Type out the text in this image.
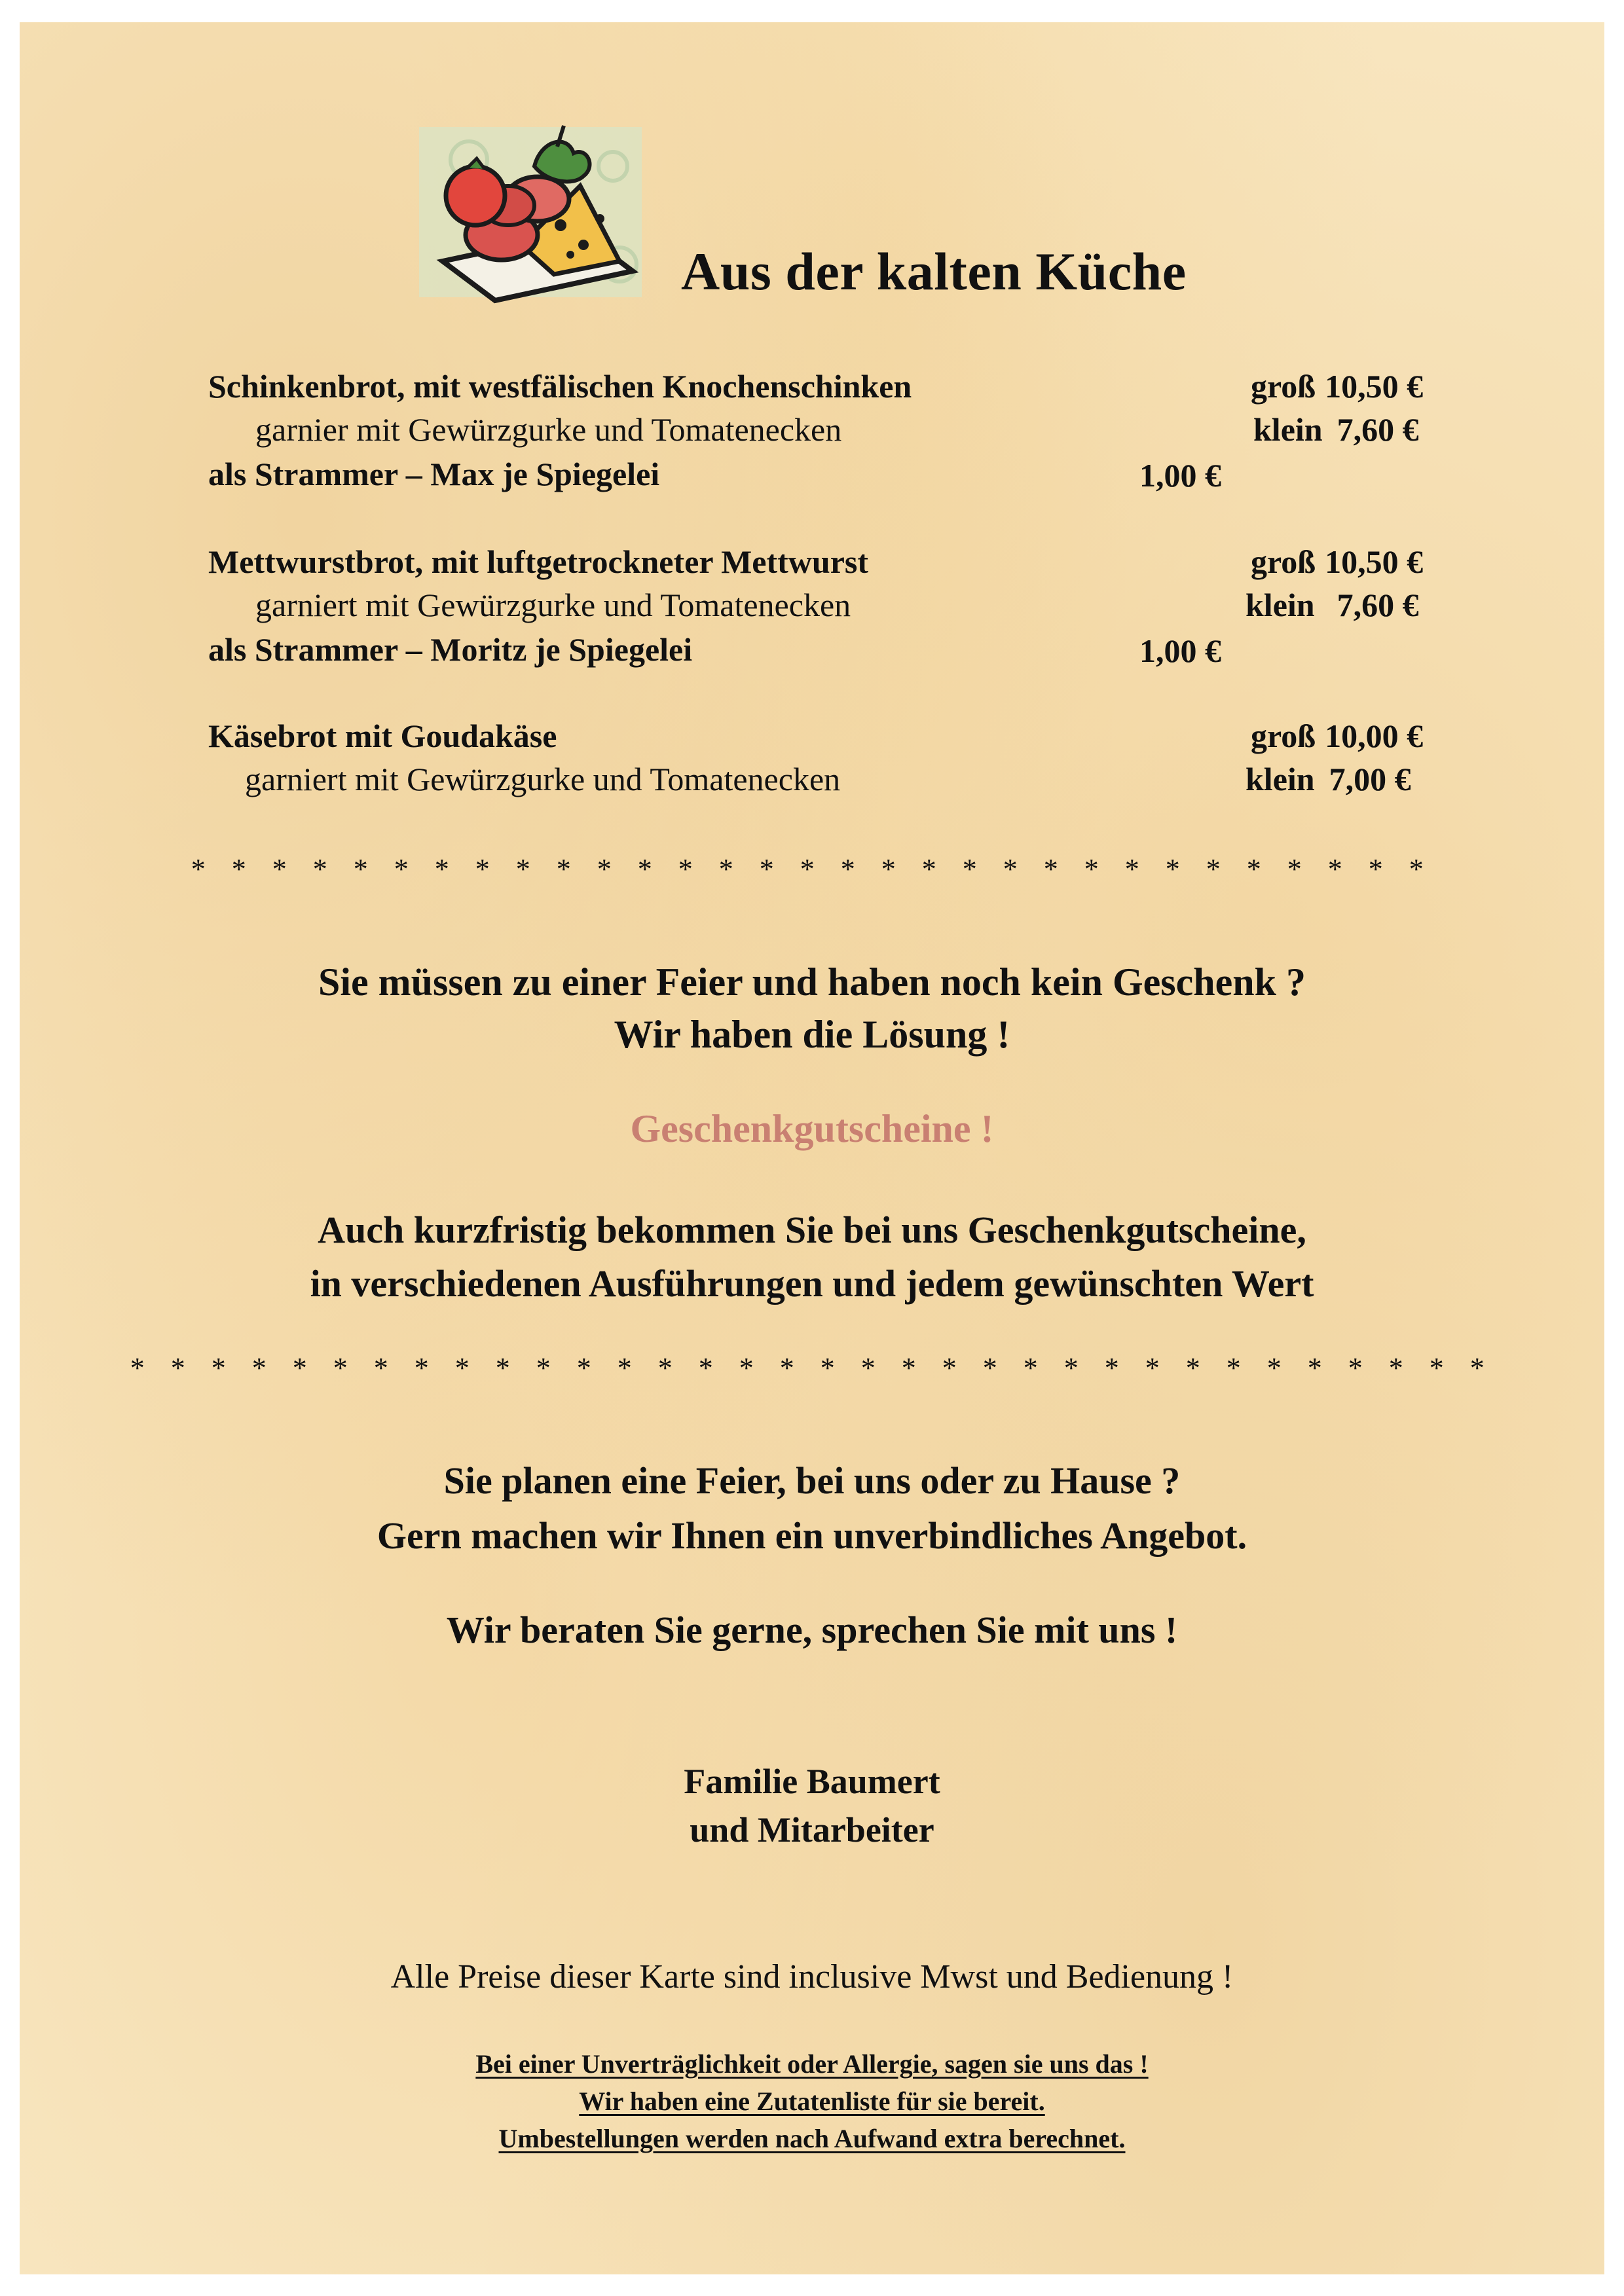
Aus der kalten Küche
Schinkenbrot, mit westfälischen Knochenschinken
garnier mit Gewürzgurke und Tomatenecken
als Strammer – Max je Spiegelei	1,00 €
groß 10,50 €
klein 7,60 €
Mettwurstbrot, mit luftgetrockneter Mettwurst
garniert mit Gewürzgurke und Tomatenecken
als Strammer – Moritz je Spiegelei	1,00 €
groß 10,50 €
klein 7,60 €
Käsebrot mit Goudakäse
garniert mit Gewürzgurke und Tomatenecken
groß 10,00 €
klein 7,00 €
* * * * * * * * * * * * * * * * * * * * * * * * * * * * * * *
Sie müssen zu einer Feier und haben noch kein Geschenk ?
Wir haben die Lösung !
Geschenkgutscheine !
Auch kurzfristig bekommen Sie bei uns Geschenkgutscheine,
in verschiedenen Ausführungen und jedem gewünschten Wert
* * * * * * * * * * * * * * * * * * * * * * * * * * * * * * * * * *
Sie planen eine Feier, bei uns oder zu Hause ?
Gern machen wir Ihnen ein unverbindliches Angebot.
Wir beraten Sie gerne, sprechen Sie mit uns !
Familie Baumert
und Mitarbeiter
Alle Preise dieser Karte sind inclusive Mwst und Bedienung !
Bei einer Unverträglichkeit oder Allergie, sagen sie uns das !
Wir haben eine Zutatenliste für sie bereit.
Umbestellungen werden nach Aufwand extra berechnet.
